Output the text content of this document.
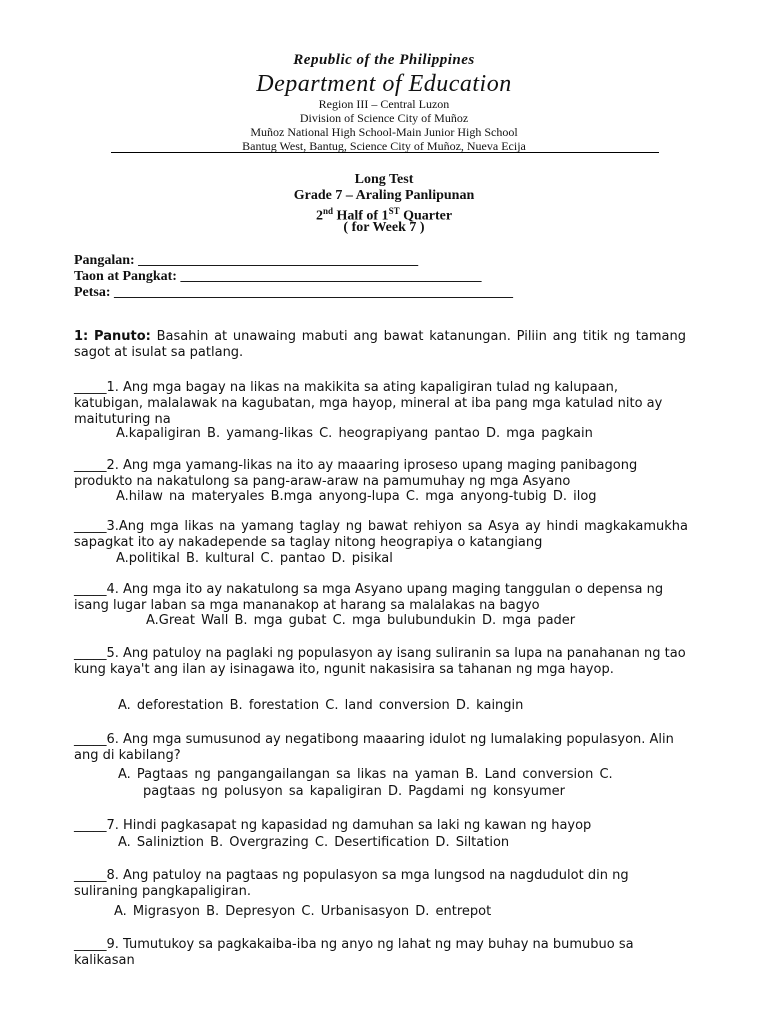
Republic of the Philippines
Department of Education
Region III – Central Luzon
Division of Science City of Muñoz
Muñoz National High School-Main Junior High School
Bantug West, Bantug, Science City of Muñoz, Nueva Ecija
Long Test
Grade 7 – Araling Panlipunan
2nd Half of 1ST Quarter
( for Week 7 )
Pangalan: ________________________________________
Taon at Pangkat: ___________________________________________
Petsa: _________________________________________________________
1: Panuto: Basahin at unawaing mabuti ang bawat katanungan. Piliin ang titik ng tamang sagot at isulat sa patlang.
_____1. Ang mga bagay na likas na makikita sa ating kapaligiran tulad ng kalupaan, katubigan, malalawak na kagubatan, mga hayop, mineral at iba pang mga katulad nito ay maituturing na
A.kapaligiran B. yamang-likas C. heograpiyang pantao D. mga pagkain
_____2. Ang mga yamang-likas na ito ay maaaring iproseso upang maging panibagong produkto na nakatulong sa pang-araw-araw na pamumuhay ng mga Asyano
A.hilaw na materyales B.mga anyong-lupa C. mga anyong-tubig D. ilog
_____3.Ang mga likas na yamang taglay ng bawat rehiyon sa Asya ay hindi magkakamukha sapagkat ito ay nakadepende sa taglay nitong heograpiya o katangiang
A.politikal B. kultural C. pantao D. pisikal
_____4. Ang mga ito ay nakatulong sa mga Asyano upang maging tanggulan o depensa ng isang lugar laban sa mga mananakop at harang sa malalakas na bagyo
A.Great Wall B. mga gubat C. mga bulubundukin D. mga pader
_____5. Ang patuloy na paglaki ng populasyon ay isang suliranin sa lupa na panahanan ng tao kung kaya't ang ilan ay isinagawa ito, ngunit nakasisira sa tahanan ng mga hayop.
A. deforestation B. forestation C. land conversion D. kaingin
_____6. Ang mga sumusunod ay negatibong maaaring idulot ng lumalaking populasyon. Alin ang di kabilang?
A. Pagtaas ng pangangailangan sa likas na yaman B. Land conversion C.
pagtaas ng polusyon sa kapaligiran D. Pagdami ng konsyumer
_____7. Hindi pagkasapat ng kapasidad ng damuhan sa laki ng kawan ng hayop
A. Saliniztion B. Overgrazing C. Desertification D. Siltation
_____8. Ang patuloy na pagtaas ng populasyon sa mga lungsod na nagdudulot din ng suliraning pangkapaligiran.
A. Migrasyon B. Depresyon C. Urbanisasyon D. entrepot
_____9. Tumutukoy sa pagkakaiba-iba ng anyo ng lahat ng may buhay na bumubuo sa kalikasan
